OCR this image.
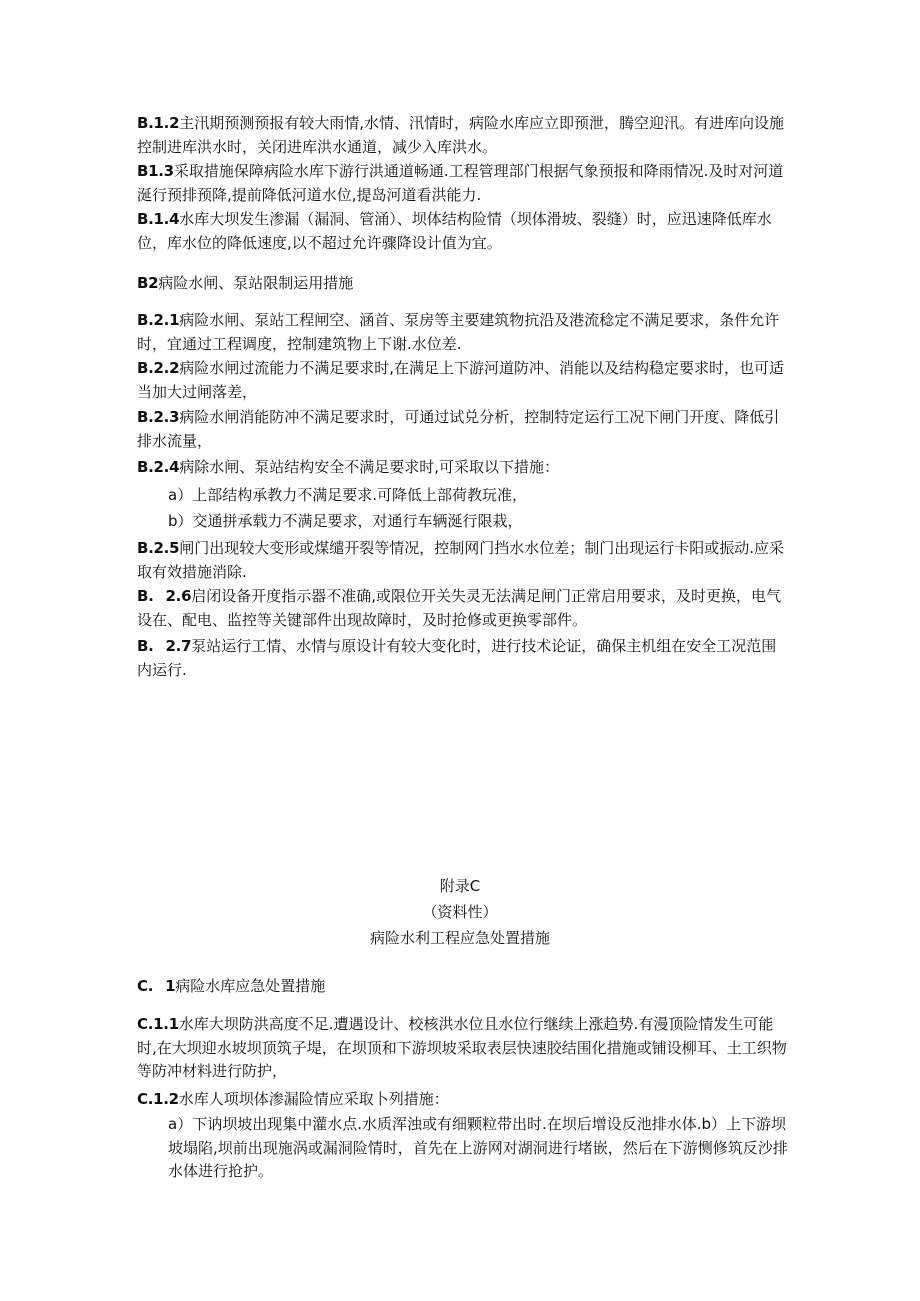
B.1.2主汛期预测预报有较大雨情,水情、汛情时，病险水库应立即预泄，腾空迎汛。有进库向设施控制进库洪水时，关闭进库洪水通道，减少入库洪水。

B1.3采取措施保障病险水库下游行洪通道畅通.工程管理部门根据气象预报和降雨情况.及时对河道涎行预排预降,提前降低河道水位,提岛河道看洪能力.

B.1.4水库大坝发生渗漏（漏洞、管涌）、坝体结构险情（坝体滑坡、裂缝）时，应迅速降低库水位，库水位的降低速度,以不超过允许骤降设计值为宜。

B2病险水闸、泵站限制运用措施

B.2.1病险水闸、泵站工程闸空、涵首、泵房等主要建筑物抗沿及港流稔定不满足要求，条件允许时，宜通过工程调度，控制建筑物上下谢.水位差.

B.2.2病险水闸过流能力不满足要求时,在满足上下游河道防冲、消能以及结构稳定要求时，也可适当加大过闸落差，

B.2.3病险水闸消能防冲不满足要求时，可通过试兑分析，控制特定运行工况下闸门开度、降低引排水流量，

B.2.4病除水闸、泵站结构安全不满足要求时,可采取以下措施：

a）上部结构承教力不满足要求.可降低上部荷教玩准，

b）交通拼承载力不满足要求，对通行车辆涎行限栽，

B.2.5闸门出现较大变形或煤缱开裂等情况，控制网门挡水水位差；制门出现运行卡阳或振动.应采取有效措施消除.

B. 2.6启闭设备开度指示器不准确,或限位开关失灵无法满足闸门正常启用要求，及时更换，电气设在、配电、监控等关键部件出现故障时，及时抢修或更换零部件。

B. 2.7泵站运行工情、水情与原设计有较大变化时，进行技术论证，确保主机组在安全工况范围内运行.

附录C

（资料性）

病险水利工程应急处置措施

C. 1病险水库应急处置措施

C.1.1水库大坝防洪高度不足.遭遇设计、校核洪水位且水位行继续上涨趋势.有漫顶险情发生可能时,在大坝迎水坡坝顶筑子堤，在坝顶和下游坝坡采取表层快速胶结围化措施或铺设柳耳、土工织物等防冲材料进行防护，

C.1.2水库人项坝体渗漏险情应采取卜列措施：

a）下讷坝坡出现集中灌水点.水质浑浊或有细颗粒带出时.在坝后增设反池排水体.b）上下游坝坡塌陷,坝前出现施涡或漏洞险情时，首先在上游网对湖洞进行堵嵌，然后在下游恻修筑反沙排水体进行抢护。
